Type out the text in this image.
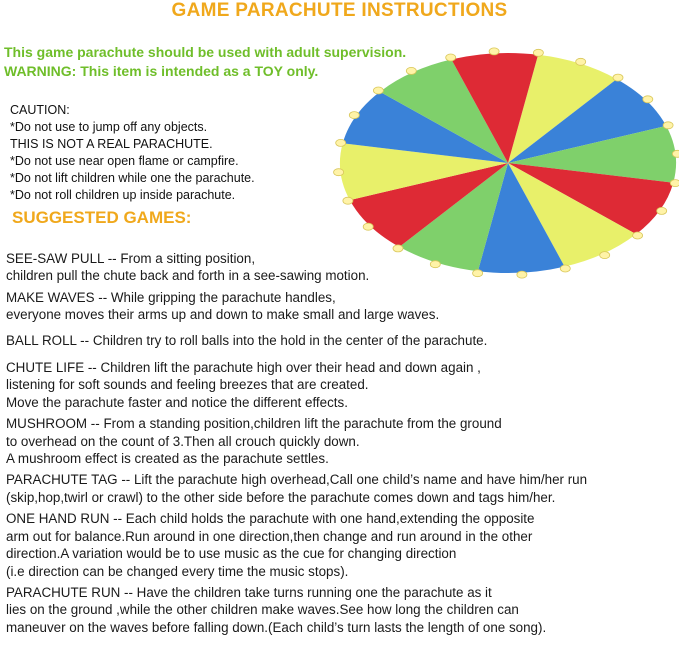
GAME PARACHUTE INSTRUCTIONS
This game parachute should be used with adult supervision.
WARNING: This item is intended as a TOY only.
CAUTION:
*Do not use to jump off any objects.
THIS IS NOT A REAL PARACHUTE.
*Do not use near open flame or campfire.
*Do not lift children while one the parachute.
*Do not roll children up inside parachute.
SUGGESTED GAMES:
SEE-SAW PULL -- From a sitting position,
children pull the chute back and forth in a see-sawing motion.
MAKE WAVES -- While gripping the parachute handles,
everyone moves their arms up and down to make small and large waves.
BALL ROLL -- Children try to roll balls into the hold in the center of the parachute.
CHUTE LIFE -- Children lift the parachute high over their head and down again ,
listening for soft sounds and feeling breezes that are created.
Move the parachute faster and notice the different effects.
MUSHROOM -- From a standing position,children lift the parachute from the ground
to overhead on the count of 3.Then all crouch quickly down.
A mushroom effect is created as the parachute settles.
PARACHUTE TAG -- Lift the parachute high overhead,Call one child’s name and have him/her run
(skip,hop,twirl or crawl) to the other side before the parachute comes down and tags him/her.
ONE HAND RUN -- Each child holds the parachute with one hand,extending the opposite
arm out for balance.Run around in one direction,then change and run around in the other
direction.A variation would be to use music as the cue for changing direction
(i.e direction can be changed every time the music stops).
PARACHUTE RUN -- Have the children take turns running one the parachute as it
lies on the ground ,while the other children make waves.See how long the children can
maneuver on the waves before falling down.(Each child’s turn lasts the length of one song).
